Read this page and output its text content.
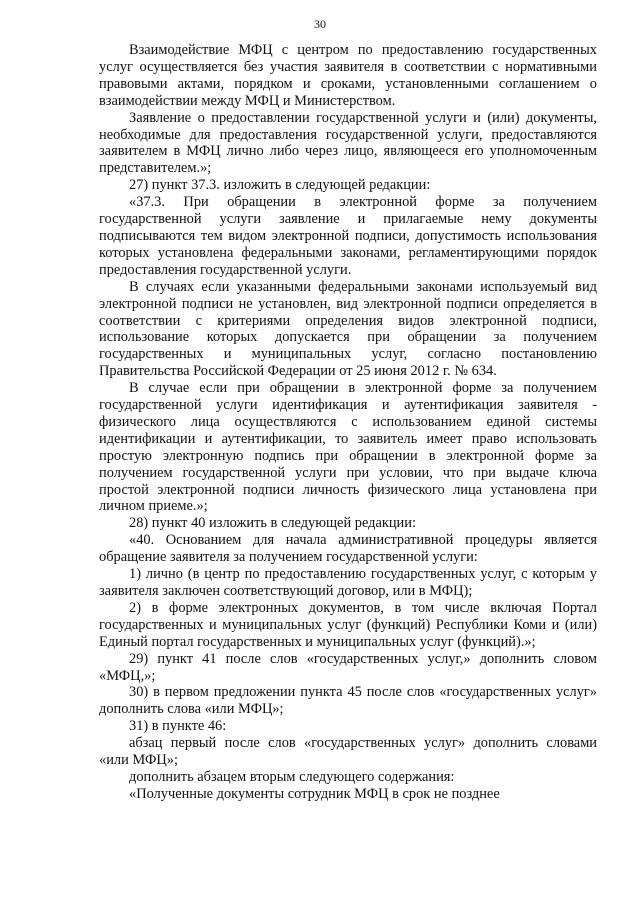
30

Взаимодействие МФЦ с центром по предоставлению государственных услуг осуществляется без участия заявителя в соответствии с нормативными правовыми актами, порядком и сроками, установленными соглашением о взаимодействии между МФЦ и Министерством.

Заявление о предоставлении государственной услуги и (или) документы, необходимые для предоставления государственной услуги, предоставляются заявителем в МФЦ лично либо через лицо, являющееся его уполномоченным представителем.»;

27) пункт 37.3. изложить в следующей редакции:

«37.3. При обращении в электронной форме за получением государственной услуги заявление и прилагаемые нему документы подписываются тем видом электронной подписи, допустимость использования которых установлена федеральными законами, регламентирующими порядок предоставления государственной услуги.

В случаях если указанными федеральными законами используемый вид электронной подписи не установлен, вид электронной подписи определяется в соответствии с критериями определения видов электронной подписи, использование которых допускается при обращении за получением государственных и муниципальных услуг, согласно постановлению Правительства Российской Федерации от 25 июня 2012 г. № 634.

В случае если при обращении в электронной форме за получением государственной услуги идентификация и аутентификация заявителя - физического лица осуществляются с использованием единой системы идентификации и аутентификации, то заявитель имеет право использовать простую электронную подпись при обращении в электронной форме за получением государственной услуги при условии, что при выдаче ключа простой электронной подписи личность физического лица установлена при личном приеме.»;

28) пункт 40 изложить в следующей редакции:

«40. Основанием для начала административной процедуры является обращение заявителя за получением государственной услуги:

1) лично (в центр по предоставлению государственных услуг, с которым у заявителя заключен соответствующий договор, или в МФЦ);

2) в форме электронных документов, в том числе включая Портал государственных и муниципальных услуг (функций) Республики Коми и (или) Единый портал государственных и муниципальных услуг (функций).»;

29) пункт 41 после слов «государственных услуг,» дополнить словом «МФЦ,»;

30) в первом предложении пункта 45 после слов «государственных услуг» дополнить слова «или МФЦ»;

31) в пункте 46:

абзац первый после слов «государственных услуг» дополнить словами «или МФЦ»;

дополнить абзацем вторым следующего содержания:

«Полученные документы сотрудник МФЦ в срок не позднее
